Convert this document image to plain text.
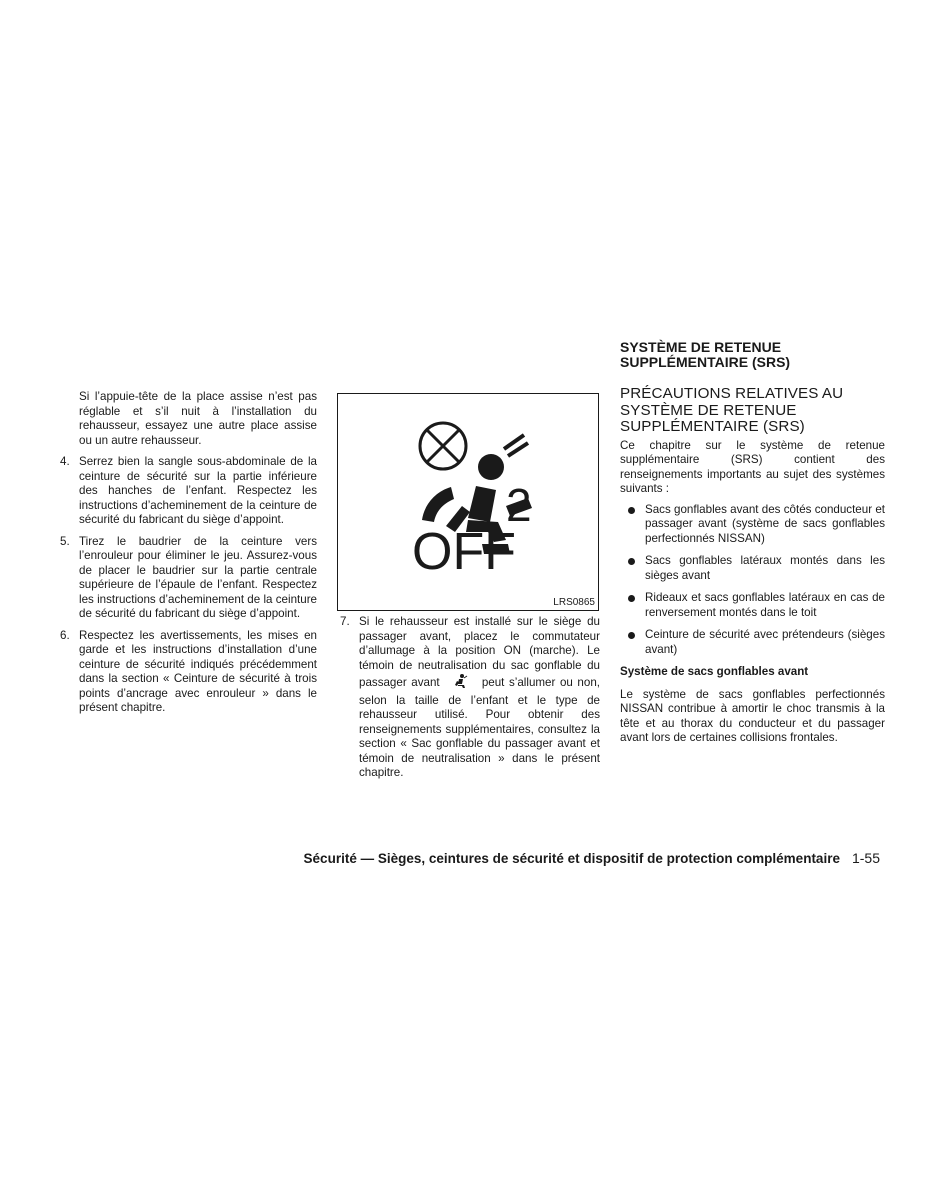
Si l’appuie-tête de la place assise n’est pas réglable et s’il nuit à l’installation du rehausseur, essayez une autre place assise ou un autre rehausseur.

4. Serrez bien la sangle sous-abdominale de la ceinture de sécurité sur la partie inférieure des hanches de l’enfant. Respectez les instructions d’acheminement de la ceinture de sécurité du fabricant du siège d’appoint.
5. Tirez le baudrier de la ceinture vers l’enrouleur pour éliminer le jeu. Assurez-vous de placer le baudrier sur la partie centrale supérieure de l’épaule de l’enfant. Respectez les instructions d’acheminement de la ceinture de sécurité du fabricant du siège d’appoint.
6. Respectez les avertissements, les mises en garde et les instructions d’installation d’une ceinture de sécurité indiqués précédemment dans la section « Ceinture de sécurité à trois points d’ancrage avec enrouleur » dans le présent chapitre.
2
OFF
LRS0865
7. Si le rehausseur est installé sur le siège du passager avant, placez le commutateur d’allumage à la position ON (marche). Le témoin de neutralisation du sac gonflable du passager avant	peut s’allumer ou non, selon la taille de l’enfant et le type de rehausseur utilisé. Pour obtenir des renseignements supplémentaires, consultez la section « Sac gonflable du passager avant et témoin de neutralisation » dans le présent chapitre.
SYSTÈME DE RETENUE SUPPLÉMENTAIRE (SRS)
PRÉCAUTIONS RELATIVES AU SYSTÈME DE RETENUE SUPPLÉMENTAIRE (SRS)

Ce chapitre sur le système de retenue supplémentaire (SRS) contient des renseignements importants au sujet des systèmes suivants :

Sacs gonflables avant des côtés conducteur et passager avant (système de sacs gonflables perfectionnés NISSAN)
Sacs gonflables latéraux montés dans les sièges avant
Rideaux et sacs gonflables latéraux en cas de renversement montés dans le toit
Ceinture de sécurité avec prétendeurs (sièges avant)
Système de sacs gonflables avant

Le système de sacs gonflables perfectionnés NISSAN contribue à amortir le choc transmis à la tête et au thorax du conducteur et du passager avant lors de certaines collisions frontales.

Sécurité — Sièges, ceintures de sécurité et dispositif de protection complémentaire 1-55
